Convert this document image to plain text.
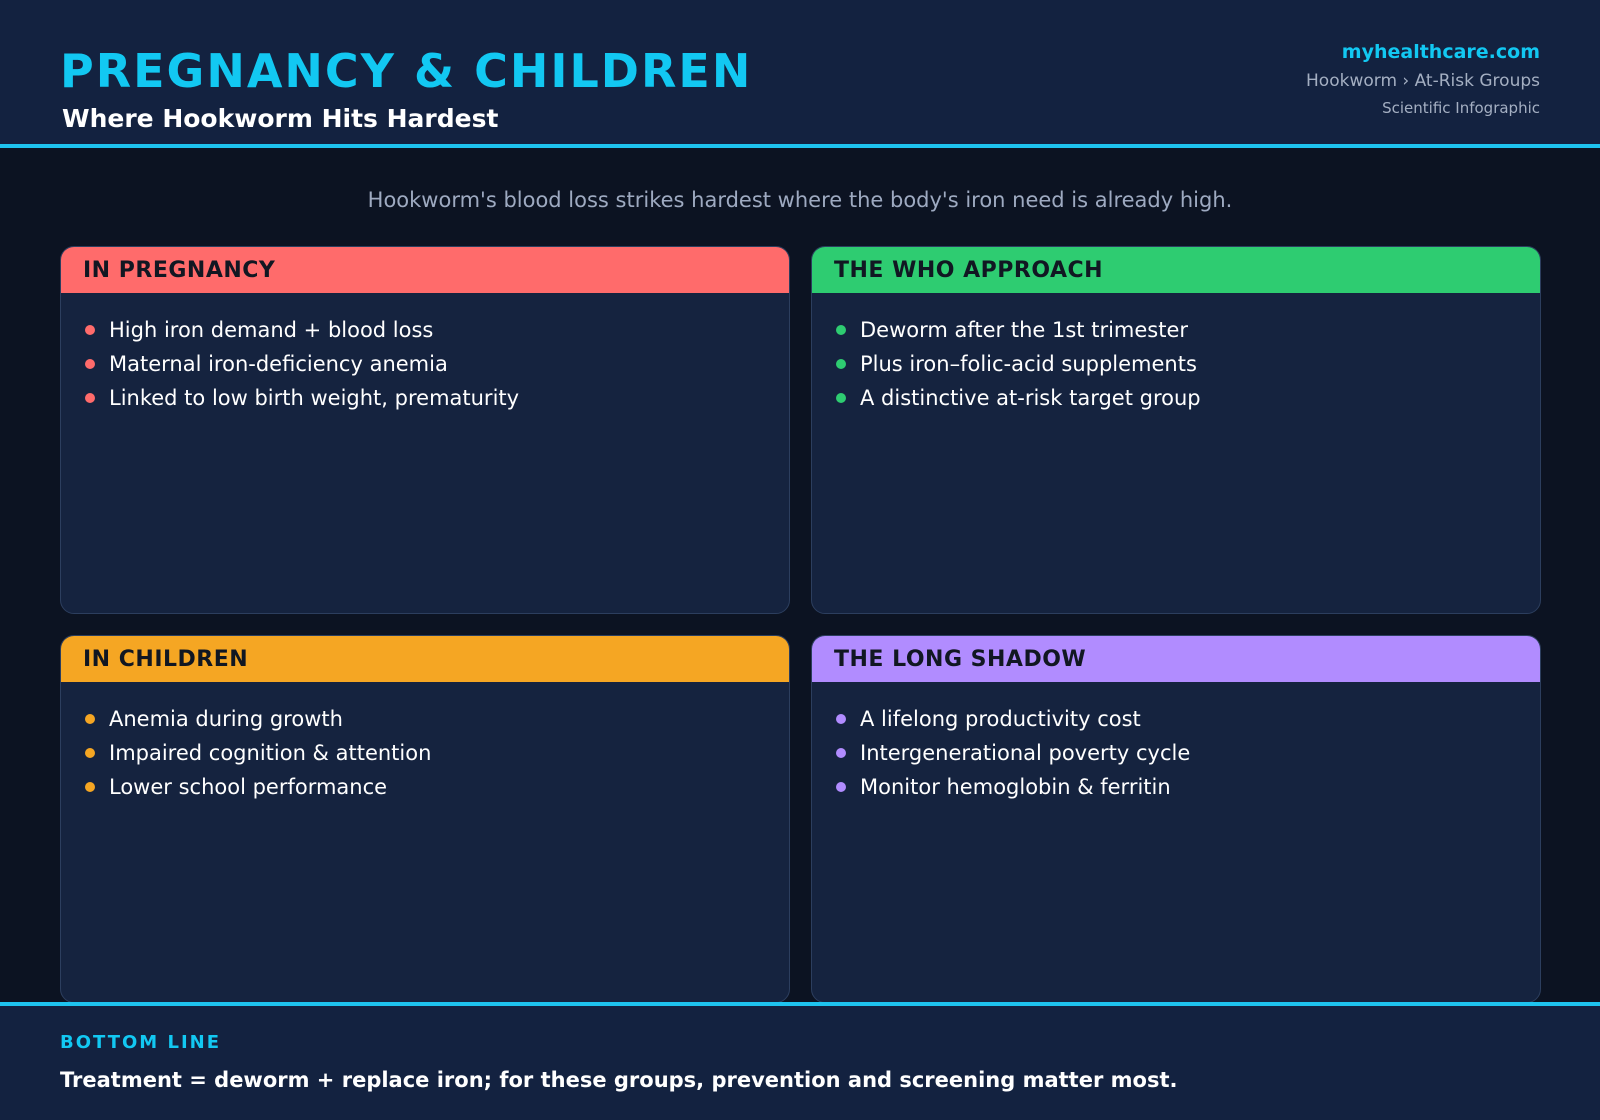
PREGNANCY & CHILDREN
Where Hookworm Hits Hardest
myhealthcare.com
Hookworm › At-Risk Groups
Scientific Infographic
Hookworm's blood loss strikes hardest where the body's iron need is already high.
IN PREGNANCY
High iron demand + blood loss
Maternal iron-deficiency anemia
Linked to low birth weight, prematurity
THE WHO APPROACH
Deworm after the 1st trimester
Plus iron–folic-acid supplements
A distinctive at-risk target group
IN CHILDREN
Anemia during growth
Impaired cognition & attention
Lower school performance
THE LONG SHADOW
A lifelong productivity cost
Intergenerational poverty cycle
Monitor hemoglobin & ferritin
BOTTOM LINE
Treatment = deworm + replace iron; for these groups, prevention and screening matter most.
